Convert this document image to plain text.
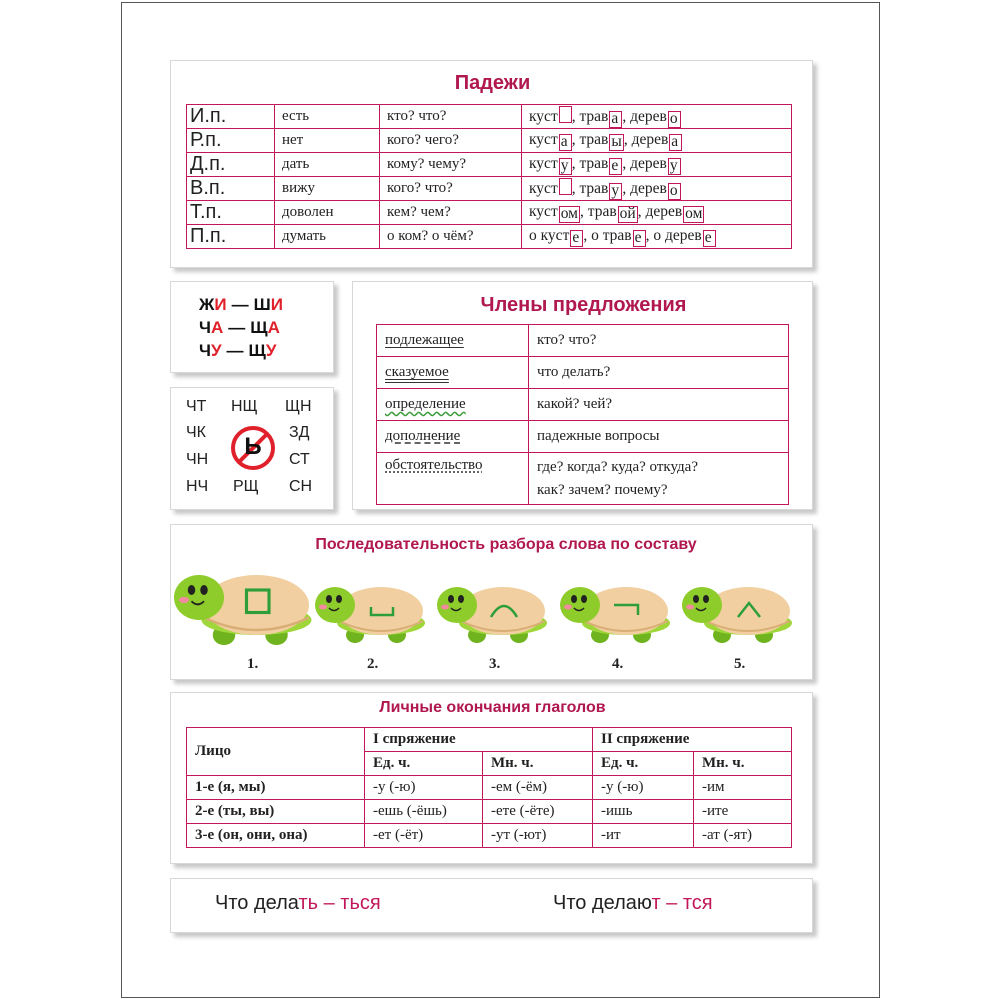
Падежи
И.п.	есть	кто? что?	куст , трав а , дерев о
Р.п.	нет	кого? чего?	куст а , трав ы , дерев а
Д.п.	дать	кому? чему?	куст у , трав е , дерев у
В.п.	вижу	кого? что?	куст , трав у , дерев о
Т.п.	доволен	кем? чем?	куст ом , трав ой , дерев ом
П.п.	думать	о ком? о чём?	о куст е , о трав е , о дерев е
ЖИ — ШИ
ЧА — ЩА
ЧУ — ЩУ
ЧТ НЩ ЩН
ЧК	ЗД
ЧН	СТ
НЧ РЩ СН
Ь
Члены предложения
подлежащее	кто? что?
сказуемое	что делать?
определение	какой? чей?
дополнение	падежные вопросы
обстоятельство	где? когда? куда? откуда?
как? зачем? почему?
Последовательность разбора слова по составу
1.	2.	3.	4.	5.
Личные окончания глаголов
Лицо	I спряжение		II спряжение	
	Ед. ч.	Мн. ч.	Ед. ч.	Мн. ч.
1-е (я, мы)	-у (-ю)	-ем (-ём)	-у (-ю)	-им
2-е (ты, вы)	-ешь (-ёшь)	-ете (-ёте)	-ишь	-ите
3-е (он, они, она)	-ет (-ёт)	-ут (-ют)	-ит	-ат (-ят)
Что делать – ться	Что делают – тся
